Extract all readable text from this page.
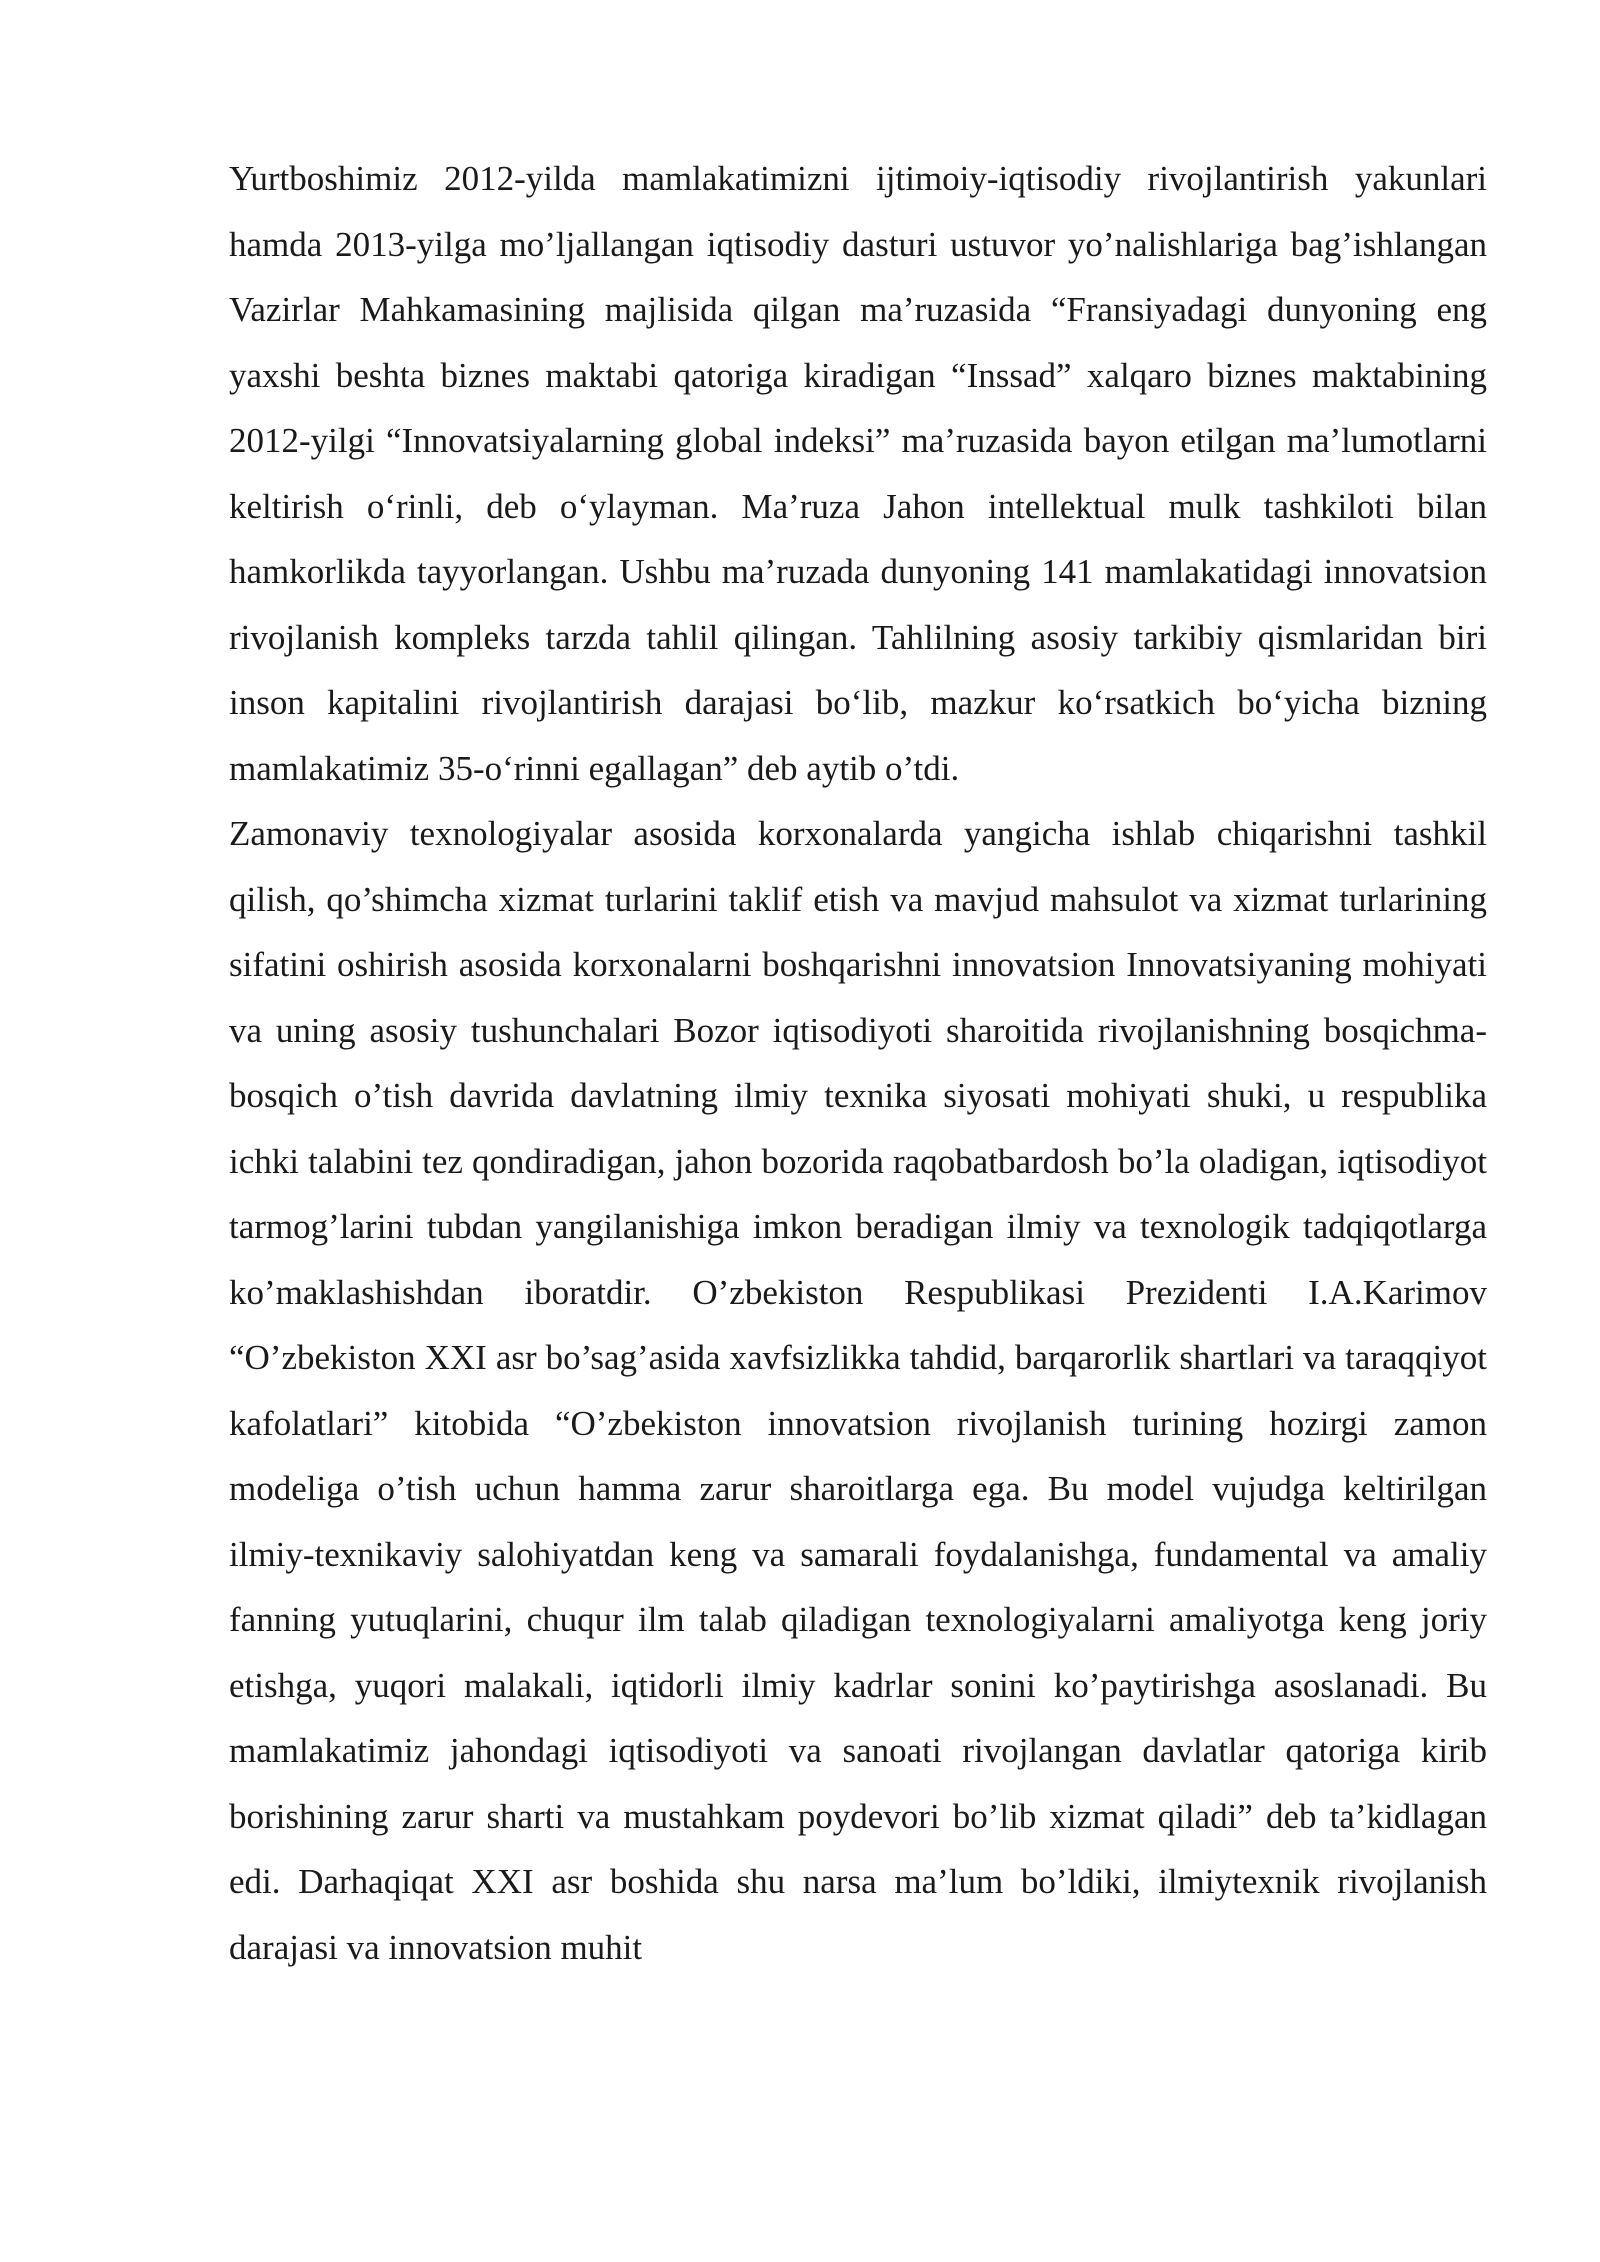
Yurtboshimiz 2012-yilda mamlakatimizni ijtimoiy-iqtisodiy rivojlantirish yakunlari hamda 2013-yilga mo’ljallangan iqtisodiy dasturi ustuvor yo’nalishlariga bag’ishlangan Vazirlar Mahkamasining majlisida qilgan ma’ruzasida “Fransiyadagi dunyoning eng yaxshi beshta biznes maktabi qatoriga kiradigan “Inssad” xalqaro biznes maktabining 2012-yilgi “Innovatsiyalarning global indeksi” ma’ruzasida bayon etilgan ma’lumotlarni keltirish o‘rinli, deb o‘ylayman. Ma’ruza Jahon intellektual mulk tashkiloti bilan hamkorlikda tayyorlangan. Ushbu ma’ruzada dunyoning 141 mamlakatidagi innovatsion rivojlanish kompleks tarzda tahlil qilingan. Tahlilning asosiy tarkibiy qismlaridan biri inson kapitalini rivojlantirish darajasi bo‘lib, mazkur ko‘rsatkich bo‘yicha bizning mamlakatimiz 35-o‘rinni egallagan” deb aytib o’tdi.

Zamonaviy texnologiyalar asosida korxonalarda yangicha ishlab chiqarishni tashkil qilish, qo’shimcha xizmat turlarini taklif etish va mavjud mahsulot va xizmat turlarining sifatini oshirish asosida korxonalarni boshqarishni innovatsion Innovatsiyaning mohiyati va uning asosiy tushunchalari Bozor iqtisodiyoti sharoitida rivojlanishning bosqichma-bosqich o’tish davrida davlatning ilmiy texnika siyosati mohiyati shuki, u respublika ichki talabini tez qondiradigan, jahon bozorida raqobatbardosh bo’la oladigan, iqtisodiyot tarmog’larini tubdan yangilanishiga imkon beradigan ilmiy va texnologik tadqiqotlarga ko’maklashishdan iboratdir. O’zbekiston Respublikasi Prezidenti I.A.Karimov “O’zbekiston XXI asr bo’sag’asida xavfsizlikka tahdid, barqarorlik shartlari va taraqqiyot kafolatlari” kitobida “O’zbekiston innovatsion rivojlanish turining hozirgi zamon modeliga o’tish uchun hamma zarur sharoitlarga ega. Bu model vujudga keltirilgan ilmiy-texnikaviy salohiyatdan keng va samarali foydalanishga, fundamental va amaliy fanning yutuqlarini, chuqur ilm talab qiladigan texnologiyalarni amaliyotga keng joriy etishga, yuqori malakali, iqtidorli ilmiy kadrlar sonini ko’paytirishga asoslanadi. Bu mamlakatimiz jahondagi iqtisodiyoti va sanoati rivojlangan davlatlar qatoriga kirib borishining zarur sharti va mustahkam poydevori bo’lib xizmat qiladi” deb ta’kidlagan edi. Darhaqiqat XXI asr boshida shu narsa ma’lum bo’ldiki, ilmiytexnik rivojlanish darajasi va innovatsion muhit
